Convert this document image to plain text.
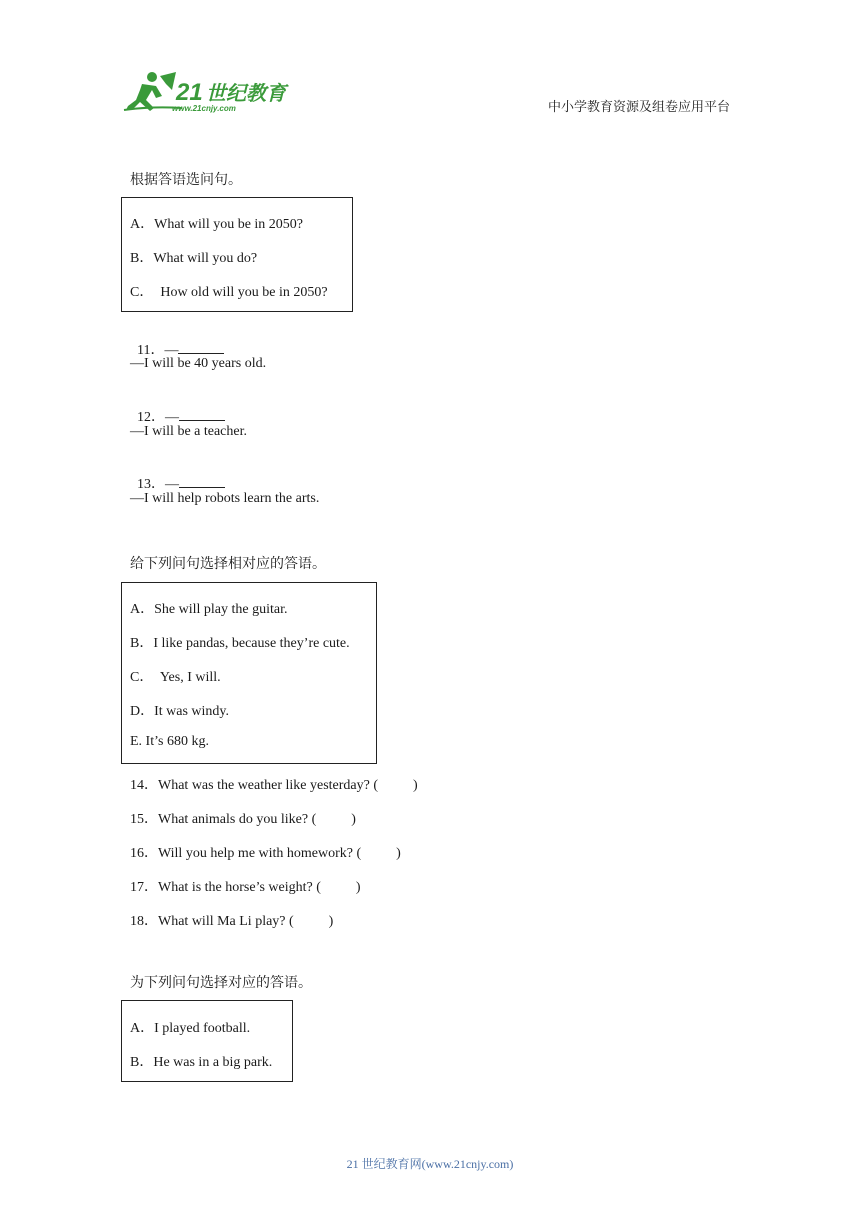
21 世纪教育
www.21cnjy.com	中小学教育资源及组卷应用平台
根据答语选问句。
A．What will you be in 2050?
B．What will you do?
C．  How old will you be in 2050?

11．—

—I will be 40 years old.

12．—

—I will be a teacher.

13．—

—I will help robots learn the arts.
给下列问句选择相对应的答语。
A．She will play the guitar.
B．I like pandas, because they’re cute.
C．  Yes, I will.
D．It was windy.
E. It’s 680 kg.
14．What was the weather like yesterday? (          )
15．What animals do you like? (          )
16．Will you help me with homework? (          )
17．What is the horse’s weight? (          )
18．What will Ma Li play? (          )
为下列问句选择对应的答语。
A．I played football.
B．He was in a big park.
21 世纪教育网(www.21cnjy.com)
